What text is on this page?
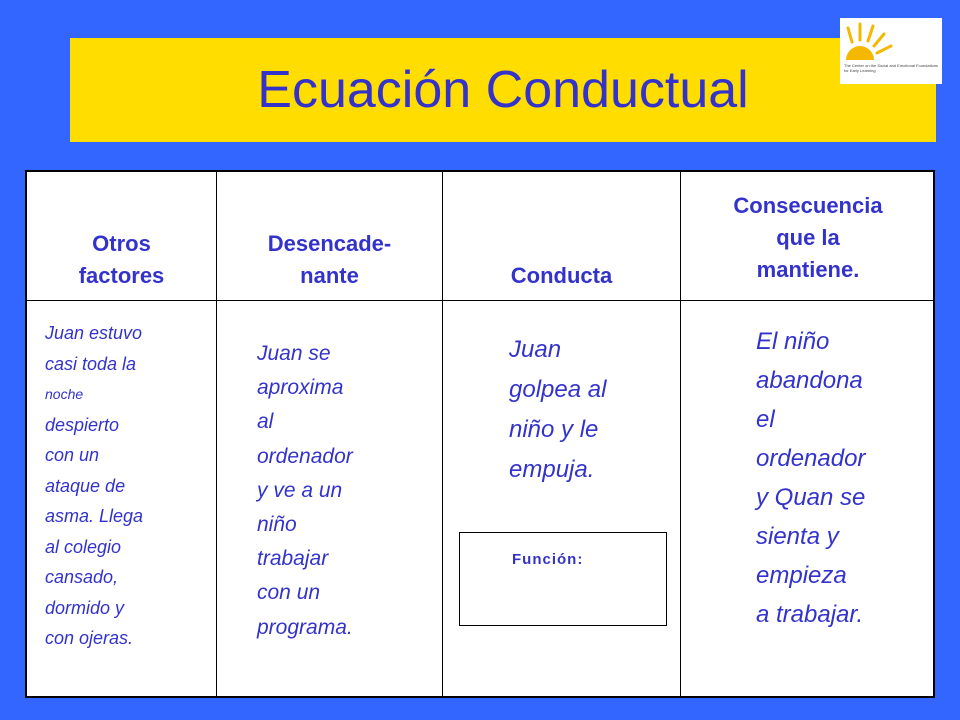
Ecuación Conductual	The Center on the Social and Emotional Foundations for Early Learning
Otros
factores
Desencade-
nante	Conducta
Consecuencia
que la
mantiene.
Juan estuvo
casi toda la
noche
despierto
con un
ataque de
asma. Llega
al colegio
cansado,
dormido y
con ojeras.
Juan se
aproxima
al
ordenador
y ve a un
niño
trabajar
con un
programa.
Juan
golpea al
niño y le
empuja.
Función:
El niño
abandona
el
ordenador
y Quan se
sienta y
empieza
a trabajar.
